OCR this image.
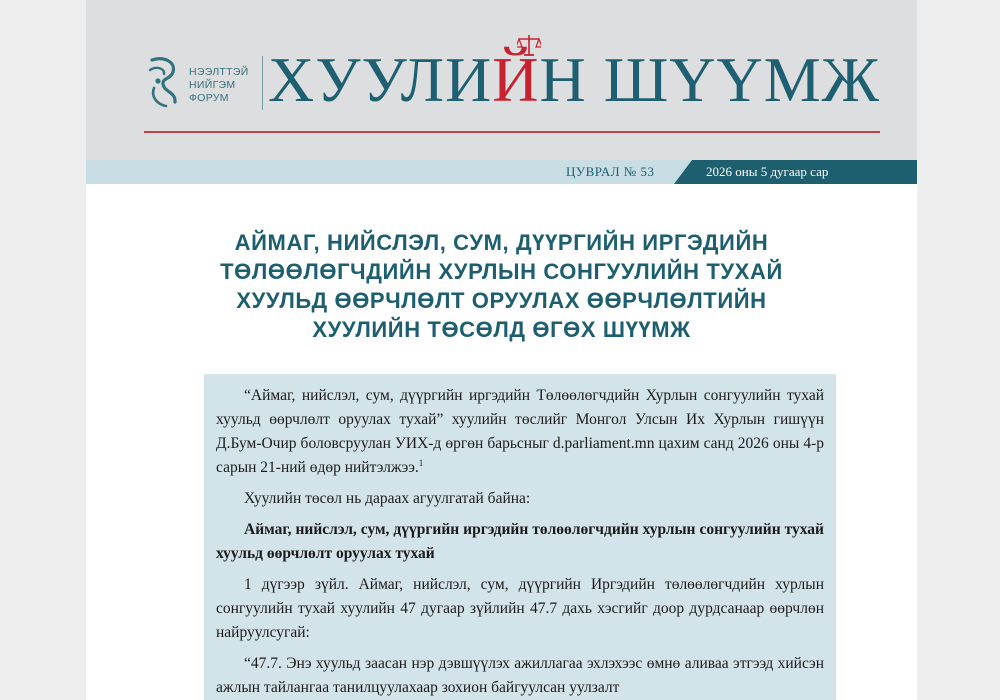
НЭЭЛТТЭЙ
НИЙГЭМ
ФОРУМ ХУУЛИЙН ШҮҮМЖ
ЦУВРАЛ № 53	2026 оны 5 дугаар сар
АЙМАГ, НИЙСЛЭЛ, СУМ, ДҮҮРГИЙН ИРГЭДИЙН
ТӨЛӨӨЛӨГЧДИЙН ХУРЛЫН СОНГУУЛИЙН ТУХАЙ
ХУУЛЬД ӨӨРЧЛӨЛТ ОРУУЛАХ ӨӨРЧЛӨЛТИЙН
ХУУЛИЙН ТӨСӨЛД ӨГӨХ ШҮҮМЖ

“Аймаг, нийслэл, сум, дүүргийн иргэдийн Төлөөлөгчдийн Хурлын сонгуулийн тухай хуульд өөрчлөлт оруулах тухай” хуулийн төслийг Монгол Улсын Их Хурлын гишүүн Д.Бум-Очир боловсруулан УИХ-д өргөн барьсныг d.parliament.mn цахим санд 2026 оны 4-р сарын 21-ний өдөр нийтэлжээ.$^1$

Хуулийн төсөл нь дараах агуулгатай байна:

Аймаг, нийслэл, сум, дүүргийн иргэдийн төлөөлөгчдийн хурлын сонгуулийн тухай хуульд өөрчлөлт оруулах тухай

1 дүгээр зүйл. Аймаг, нийслэл, сум, дүүргийн Иргэдийн төлөөлөгчдийн хурлын сонгуулийн тухай хуулийн 47 дугаар зүйлийн 47.7 дахь хэсгийг доор дурдсанаар өөрчлөн найруулсугай:

“47.7. Энэ хуульд заасан нэр дэвшүүлэх ажиллагаа эхлэхээс өмнө аливаа этгээд хийсэн ажлын тайлангаа танилцуулахаар зохион байгуулсан уулзалт
